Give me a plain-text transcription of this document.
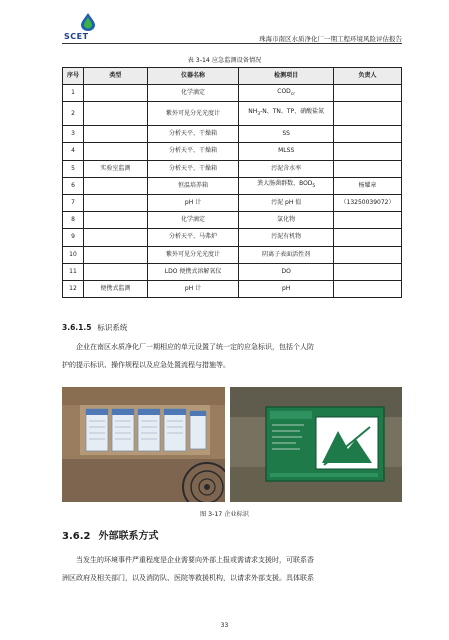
SCET	珠海市南区水质净化厂一期工程环境风险评估报告
表 3-14 应急监测设备情况
序号	类型	仪器名称	检测项目	负责人
1		化学滴定	$COD_{cr}$	
2		紫外可见分光光度计	$NH_3-N$、TN、TP、硝酸盐氮	
3		分析天平、干燥箱	SS	
4		分析天平、干燥箱	MLSS	
5	实验室监测	分析天平、干燥箱	污泥含水率	
6		恒温培养箱	粪大肠菌群数、$BOD_5$	杨耀章
7		pH 计	污泥 pH 值	（13250039072）
8		化学滴定	氯化物	
9		分析天平、马弗炉	污泥有机物	
10		紫外可见分光光度计	阴离子表面活性剂	
11		LDO 便携式溶解氧仪	DO	
12	便携式监测	pH 计	pH	
3.6.1.5 标识系统
企业在南区水质净化厂一期相应的单元设置了统一定的应急标识，包括个人防
护的提示标识、操作规程以及应急处置流程与措施等。
图 3-17 企业标识
3.6.2 外部联系方式
当发生的环境事件严重程度是企业需要向外部上报或需请求支援时，可联系香
洲区政府及相关部门，以及消防队、医院等救援机构，以请求外部支援。具体联系
33
